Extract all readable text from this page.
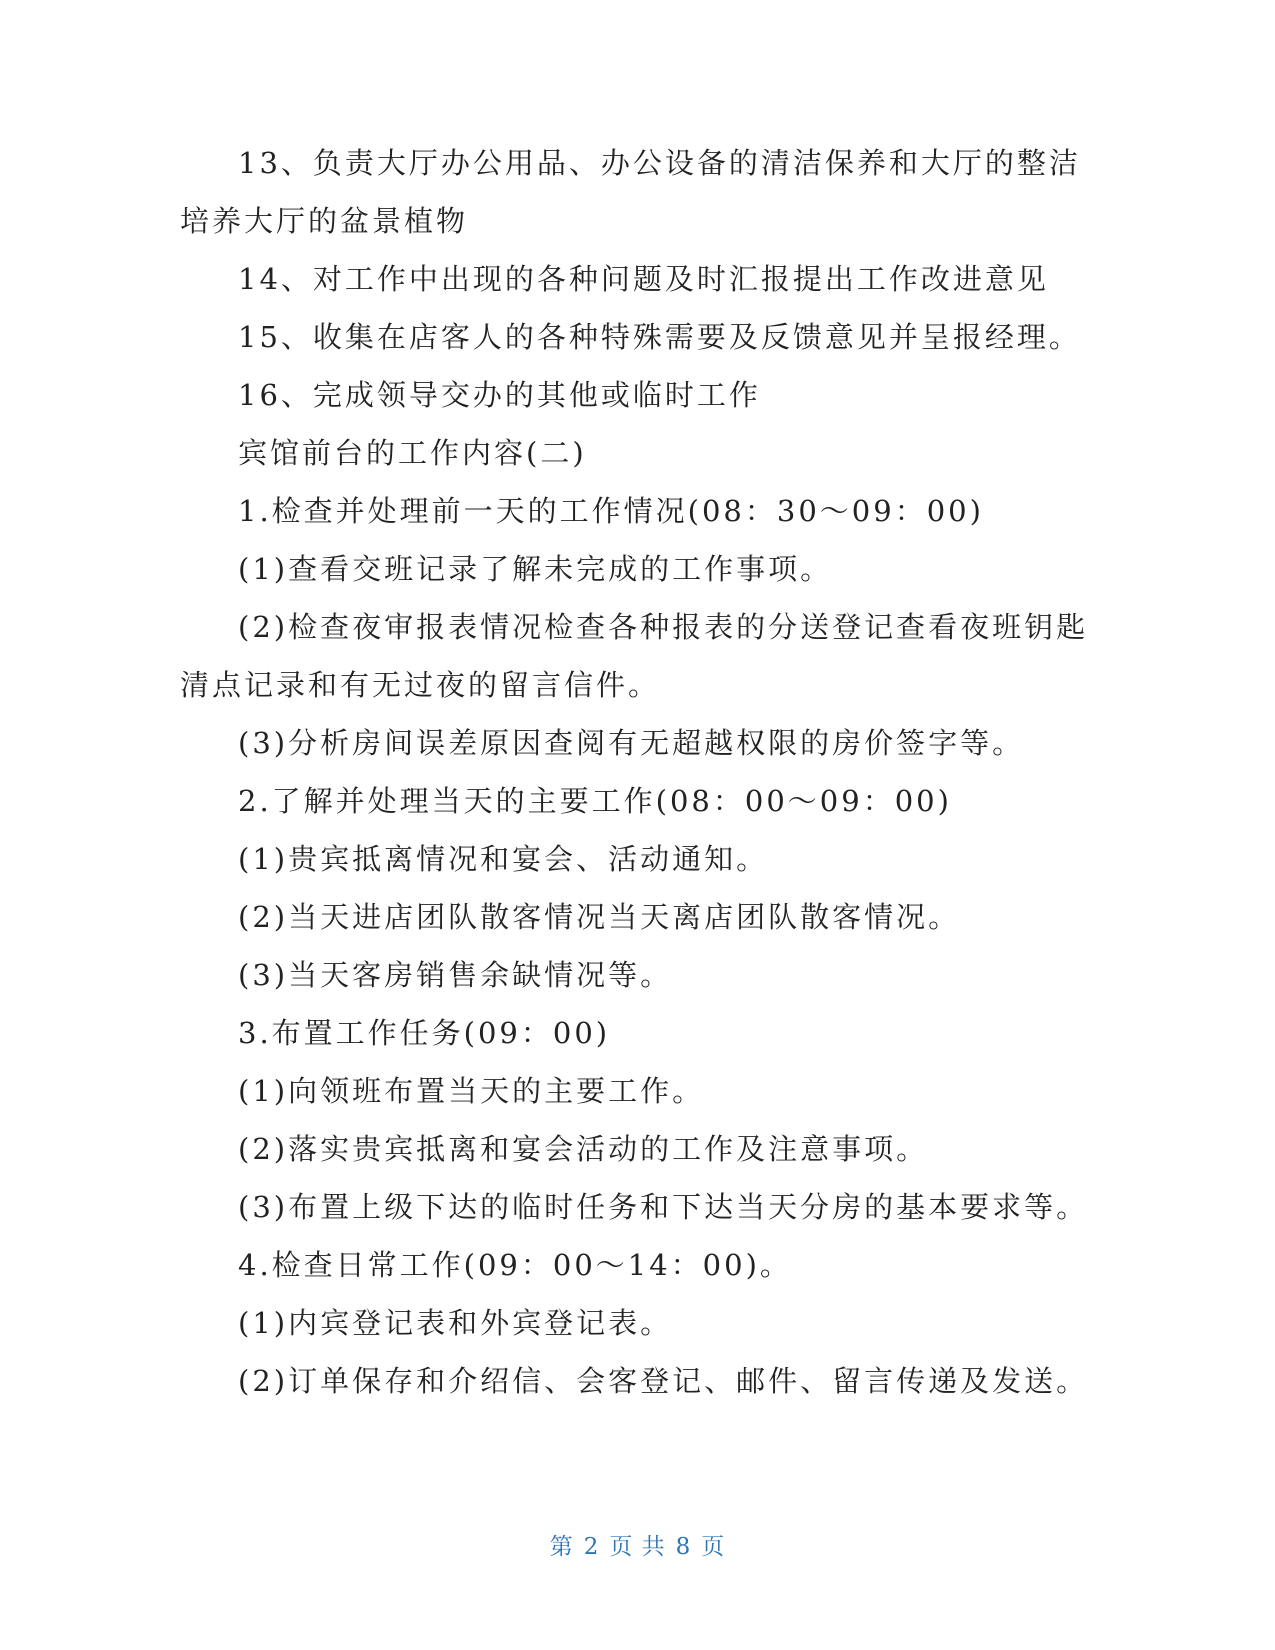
13、负责大厅办公用品、办公设备的清洁保养和大厅的整洁
培养大厅的盆景植物
14、对工作中出现的各种问题及时汇报提出工作改进意见
15、收集在店客人的各种特殊需要及反馈意见并呈报经理。
16、完成领导交办的其他或临时工作
宾馆前台的工作内容(二)
1.检查并处理前一天的工作情况(08：30～09：00)
(1)查看交班记录了解未完成的工作事项。
(2)检查夜审报表情况检查各种报表的分送登记查看夜班钥匙
清点记录和有无过夜的留言信件。
(3)分析房间误差原因查阅有无超越权限的房价签字等。
2.了解并处理当天的主要工作(08：00～09：00)
(1)贵宾抵离情况和宴会、活动通知。
(2)当天进店团队散客情况当天离店团队散客情况。
(3)当天客房销售余缺情况等。
3.布置工作任务(09：00)
(1)向领班布置当天的主要工作。
(2)落实贵宾抵离和宴会活动的工作及注意事项。
(3)布置上级下达的临时任务和下达当天分房的基本要求等。
4.检查日常工作(09：00～14：00)。
(1)内宾登记表和外宾登记表。
(2)订单保存和介绍信、会客登记、邮件、留言传递及发送。
第 2 页 共 8 页
